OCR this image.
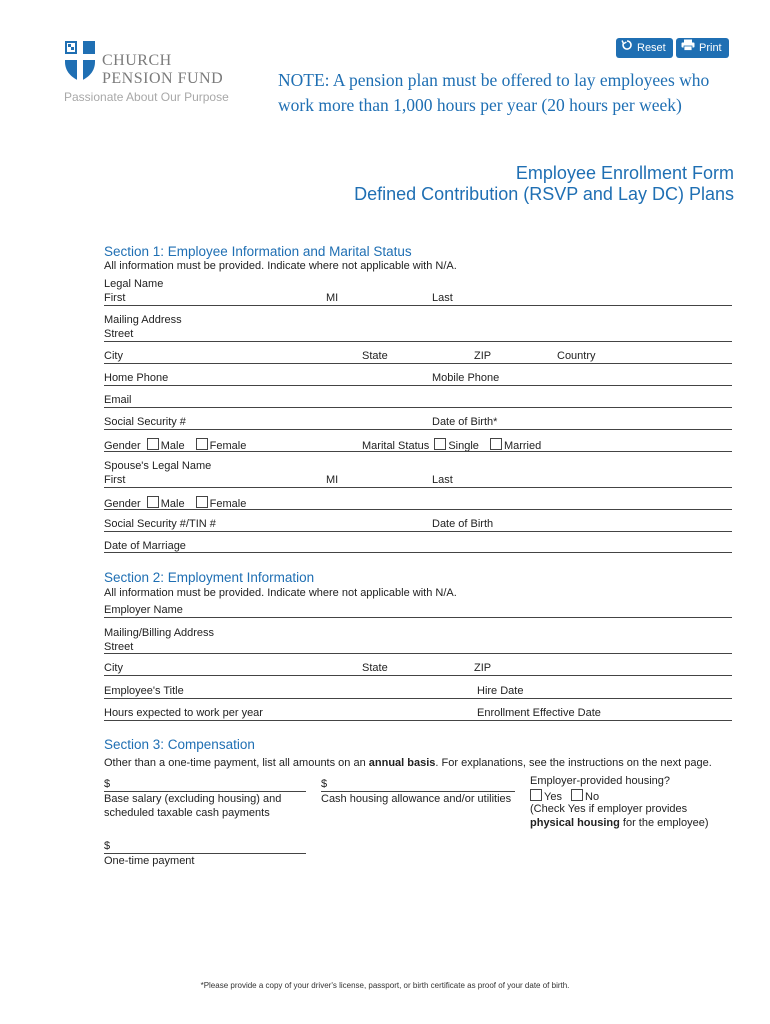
Reset	Print
CHURCH
PENSION FUND
Passionate About Our Purpose
NOTE: A pension plan must be offered to lay employees who work more than 1,000 hours per year (20 hours per week)
Employee Enrollment Form
Defined Contribution (RSVP and Lay DC) Plans
Section 1: Employee Information and Marital Status
All information must be provided. Indicate where not applicable with N/A.
Legal Name
First	MI	Last
Mailing Address
Street
City	State	ZIP	Country
Home Phone	Mobile Phone
Email
Social Security #	Date of Birth*
Gender Male Female	Marital Status Single Married
Spouse's Legal Name
First	MI	Last
Gender Male Female
Social Security #/TIN #	Date of Birth
Date of Marriage
Section 2: Employment Information
All information must be provided. Indicate where not applicable with N/A.
Employer Name
Mailing/Billing Address
Street
City	State	ZIP
Employee's Title	Hire Date
Hours expected to work per year	Enrollment Effective Date
Section 3: Compensation
Other than a one-time payment, list all amounts on an annual basis. For explanations, see the instructions on the next page.
$
Base salary (excluding housing) and
scheduled taxable cash payments
$
Cash housing allowance and/or utilities
Employer-provided housing?
Yes No
(Check Yes if employer provides
physical housing for the employee)
$
One-time payment
*Please provide a copy of your driver's license, passport, or birth certificate as proof of your date of birth.
